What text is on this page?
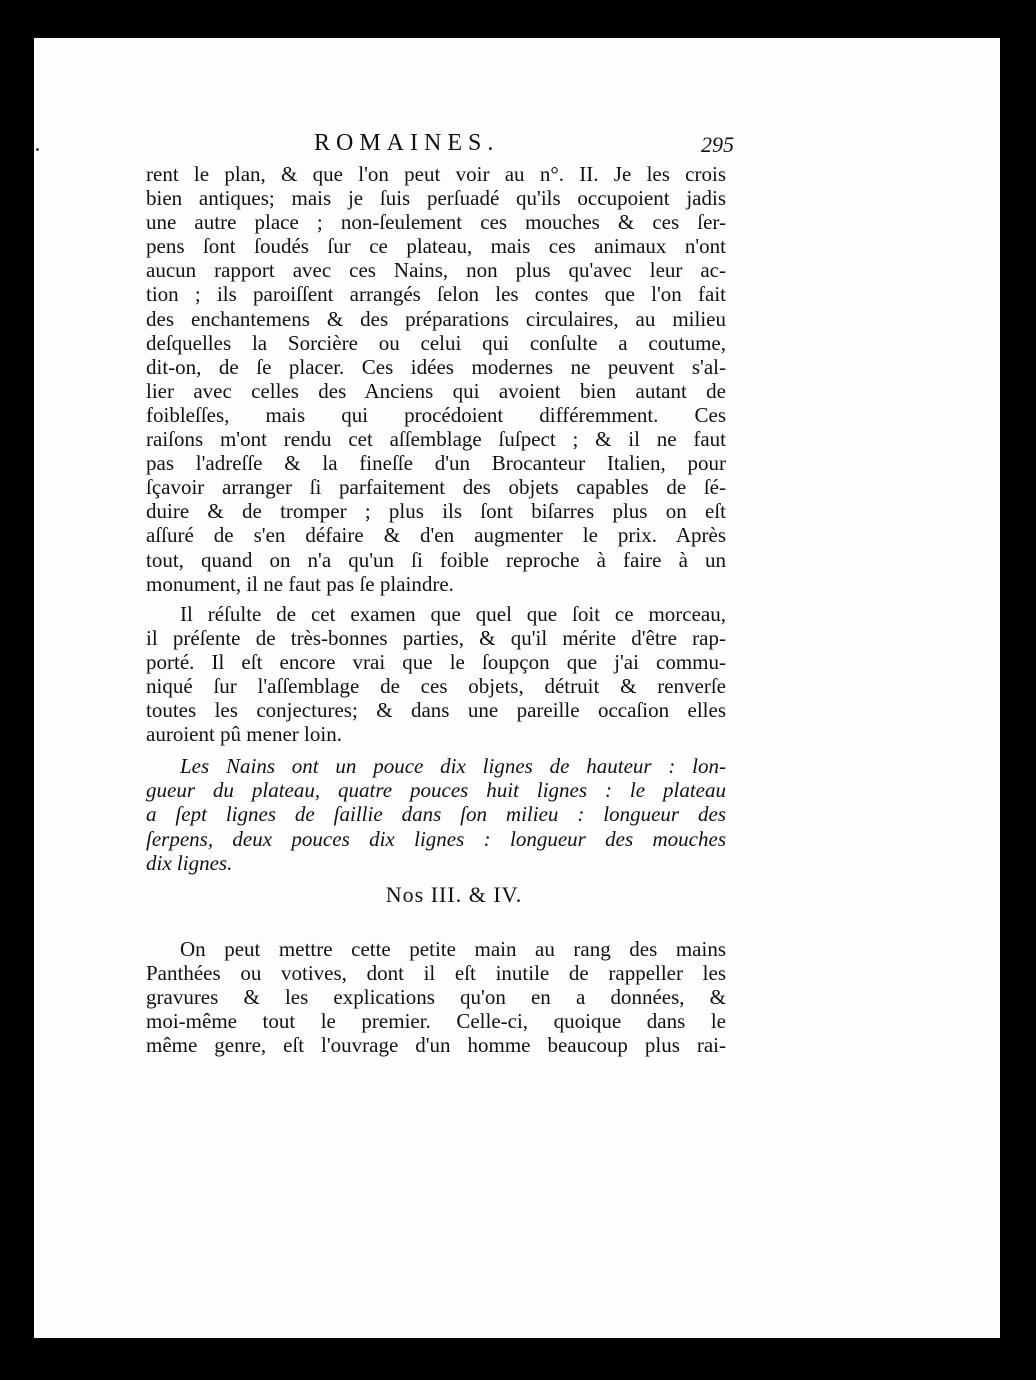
ROMAINES.	295
rent le plan, & que l'on peut voir au n°. II. Je les crois
bien antiques; mais je ſuis perſuadé qu'ils occupoient jadis
une autre place ; non-ſeulement ces mouches & ces ſer-
pens ſont ſoudés ſur ce plateau, mais ces animaux n'ont
aucun rapport avec ces Nains, non plus qu'avec leur ac-
tion ; ils paroiſſent arrangés ſelon les contes que l'on fait
des enchantemens & des préparations circulaires, au milieu
deſquelles la Sorcière ou celui qui conſulte a coutume,
dit-on, de ſe placer. Ces idées modernes ne peuvent s'al-
lier avec celles des Anciens qui avoient bien autant de
foibleſſes, mais qui procédoient différemment. Ces
raiſons m'ont rendu cet aſſemblage ſuſpect ; & il ne faut
pas l'adreſſe & la fineſſe d'un Brocanteur Italien, pour
ſçavoir arranger ſi parfaitement des objets capables de ſé-
duire & de tromper ; plus ils ſont biſarres plus on eſt
aſſuré de s'en défaire & d'en augmenter le prix. Après
tout, quand on n'a qu'un ſi foible reproche à faire à un
monument, il ne faut pas ſe plaindre.
Il réſulte de cet examen que quel que ſoit ce morceau,
il préſente de très-bonnes parties, & qu'il mérite d'être rap-
porté. Il eſt encore vrai que le ſoupçon que j'ai commu-
niqué ſur l'aſſemblage de ces objets, détruit & renverſe
toutes les conjectures; & dans une pareille occaſion elles
auroient pû mener loin.
Les Nains ont un pouce dix lignes de hauteur : lon-
gueur du plateau, quatre pouces huit lignes : le plateau
a ſept lignes de ſaillie dans ſon milieu : longueur des
ſerpens, deux pouces dix lignes : longueur des mouches
dix lignes.
Nos III. & IV.
On peut mettre cette petite main au rang des mains
Panthées ou votives, dont il eſt inutile de rappeller les
gravures & les explications qu'on en a données, &
moi-même tout le premier. Celle-ci, quoique dans le
même genre, eſt l'ouvrage d'un homme beaucoup plus rai-
